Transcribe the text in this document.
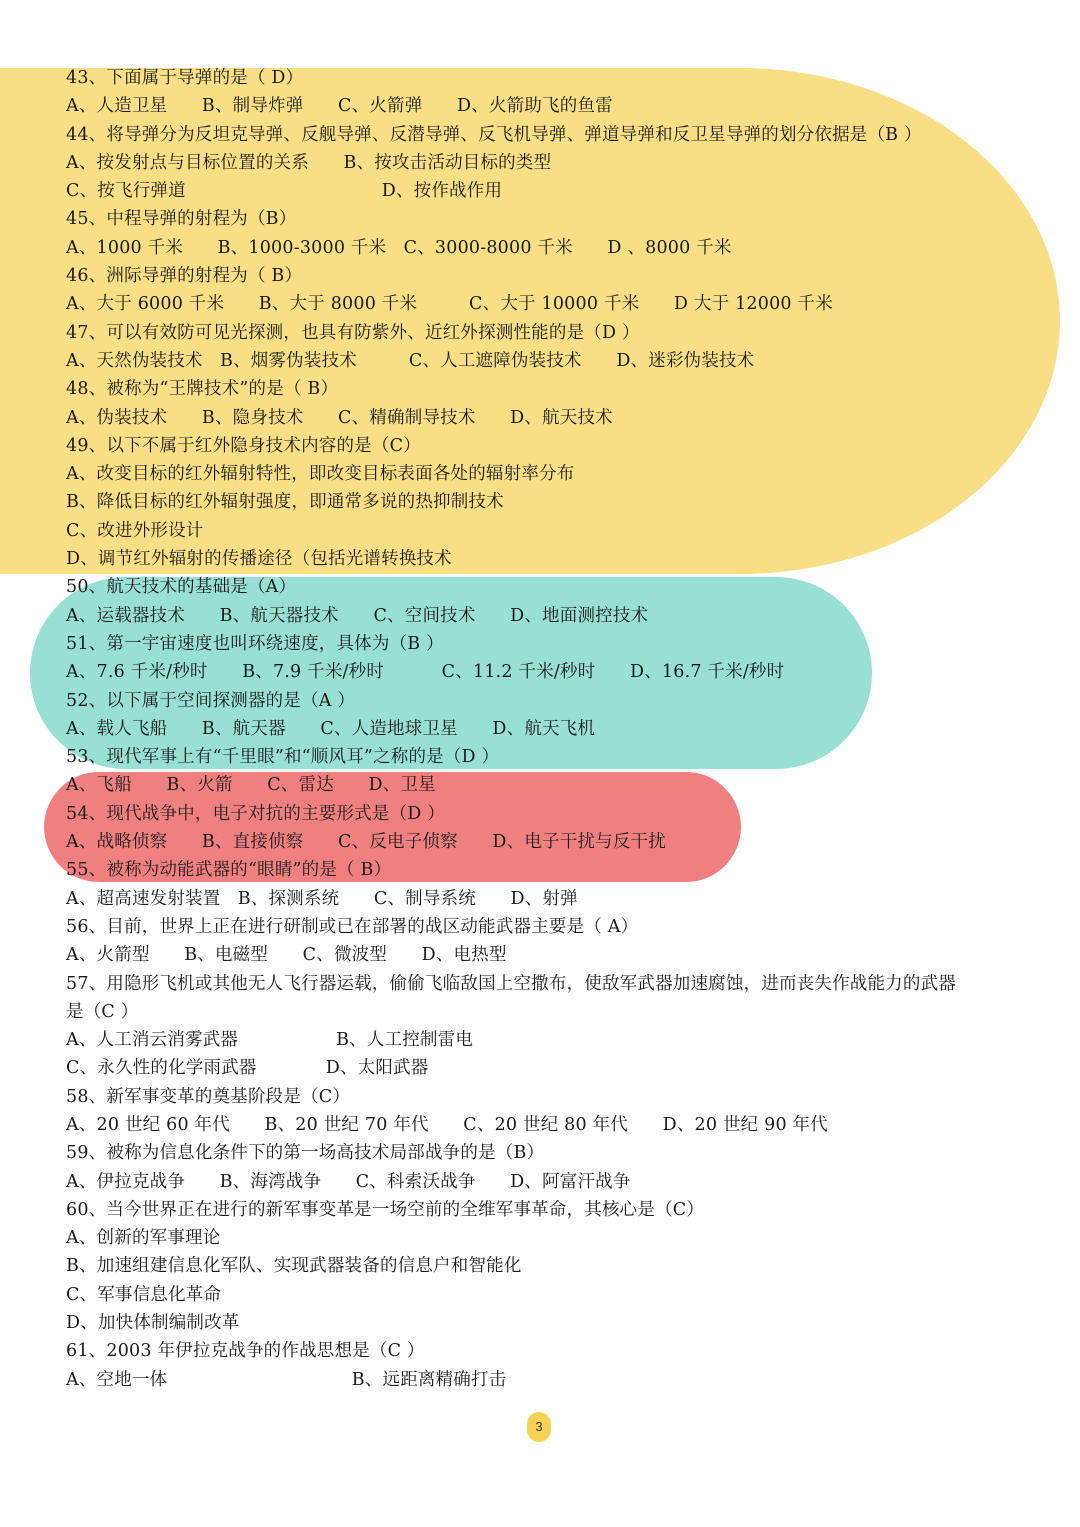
43、下面属于导弹的是（ D）
A、人造卫星      B、制导炸弹      C、火箭弹      D、火箭助飞的鱼雷
44、将导弹分为反坦克导弹、反舰导弹、反潜导弹、反飞机导弹、弹道导弹和反卫星导弹的划分依据是（B ）
A、按发射点与目标位置的关系      B、按攻击活动目标的类型
C、按飞行弹道                                  D、按作战作用
45、中程导弹的射程为（B）
A、1000 千米      B、1000-3000 千米   C、3000-8000 千米      D 、8000 千米
46、洲际导弹的射程为（ B）
A、大于 6000 千米      B、大于 8000 千米         C、大于 10000 千米      D 大于 12000 千米
47、可以有效防可见光探测，也具有防紫外、近红外探测性能的是（D ）
A、天然伪装技术   B、烟雾伪装技术         C、人工遮障伪装技术      D、迷彩伪装技术
48、被称为“王牌技术”的是（ B）
A、伪装技术      B、隐身技术      C、精确制导技术      D、航天技术
49、以下不属于红外隐身技术内容的是（C）
A、改变目标的红外辐射特性，即改变目标表面各处的辐射率分布
B、降低目标的红外辐射强度，即通常多说的热抑制技术
C、改进外形设计
D、调节红外辐射的传播途径（包括光谱转换技术
50、航天技术的基础是（A）
A、运载器技术      B、航天器技术      C、空间技术      D、地面测控技术
51、第一宇宙速度也叫环绕速度，具体为（B ）
A、7.6 千米/秒时      B、7.9 千米/秒时          C、11.2 千米/秒时      D、16.7 千米/秒时
52、以下属于空间探测器的是（A ）
A、载人飞船      B、航天器      C、人造地球卫星      D、航天飞机
53、现代军事上有“千里眼”和“顺风耳”之称的是（D ）
A、飞船      B、火箭      C、雷达      D、卫星
54、现代战争中，电子对抗的主要形式是（D ）
A、战略侦察      B、直接侦察      C、反电子侦察      D、电子干扰与反干扰
55、被称为动能武器的“眼睛”的是（ B）
A、超高速发射装置   B、探测系统      C、制导系统      D、射弹
56、目前，世界上正在进行研制或已在部署的战区动能武器主要是（ A）
A、火箭型      B、电磁型      C、微波型      D、电热型
57、用隐形飞机或其他无人飞行器运载，偷偷飞临敌国上空撒布，使敌军武器加速腐蚀，进而丧失作战能力的武器
是（C ）
A、人工消云消雾武器                 B、人工控制雷电
C、永久性的化学雨武器            D、太阳武器
58、新军事变革的奠基阶段是（C）
A、20 世纪 60 年代      B、20 世纪 70 年代      C、20 世纪 80 年代      D、20 世纪 90 年代
59、被称为信息化条件下的第一场高技术局部战争的是（B）
A、伊拉克战争      B、海湾战争      C、科索沃战争      D、阿富汗战争
60、当今世界正在进行的新军事变革是一场空前的全维军事革命，其核心是（C）
A、创新的军事理论
B、加速组建信息化军队、实现武器装备的信息户和智能化
C、军事信息化革命
D、加快体制编制改革
61、2003 年伊拉克战争的作战思想是（C ）
A、空地一体                                B、远距离精确打击
3
